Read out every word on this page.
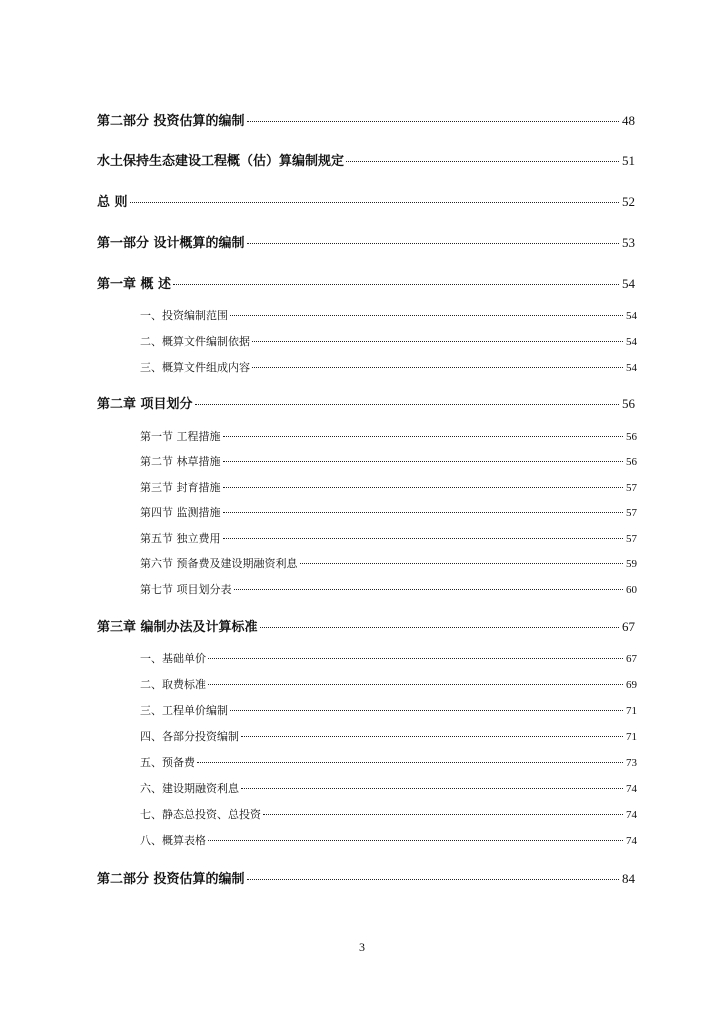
第二部分 投资估算的编制	48
水土保持生态建设工程概（估）算编制规定	51
总 则	52
第一部分 设计概算的编制	53
第一章 概 述	54
一、投资编制范围	54
二、概算文件编制依据	54
三、概算文件组成内容	54
第二章 项目划分	56
第一节 工程措施	56
第二节 林草措施	56
第三节 封育措施	57
第四节 监测措施	57
第五节 独立费用	57
第六节 预备费及建设期融资利息	59
第七节 项目划分表	60
第三章 编制办法及计算标准	67
一、基础单价	67
二、取费标准	69
三、工程单价编制	71
四、各部分投资编制	71
五、预备费	73
六、建设期融资利息	74
七、静态总投资、总投资	74
八、概算表格	74
第二部分 投资估算的编制	84
3
